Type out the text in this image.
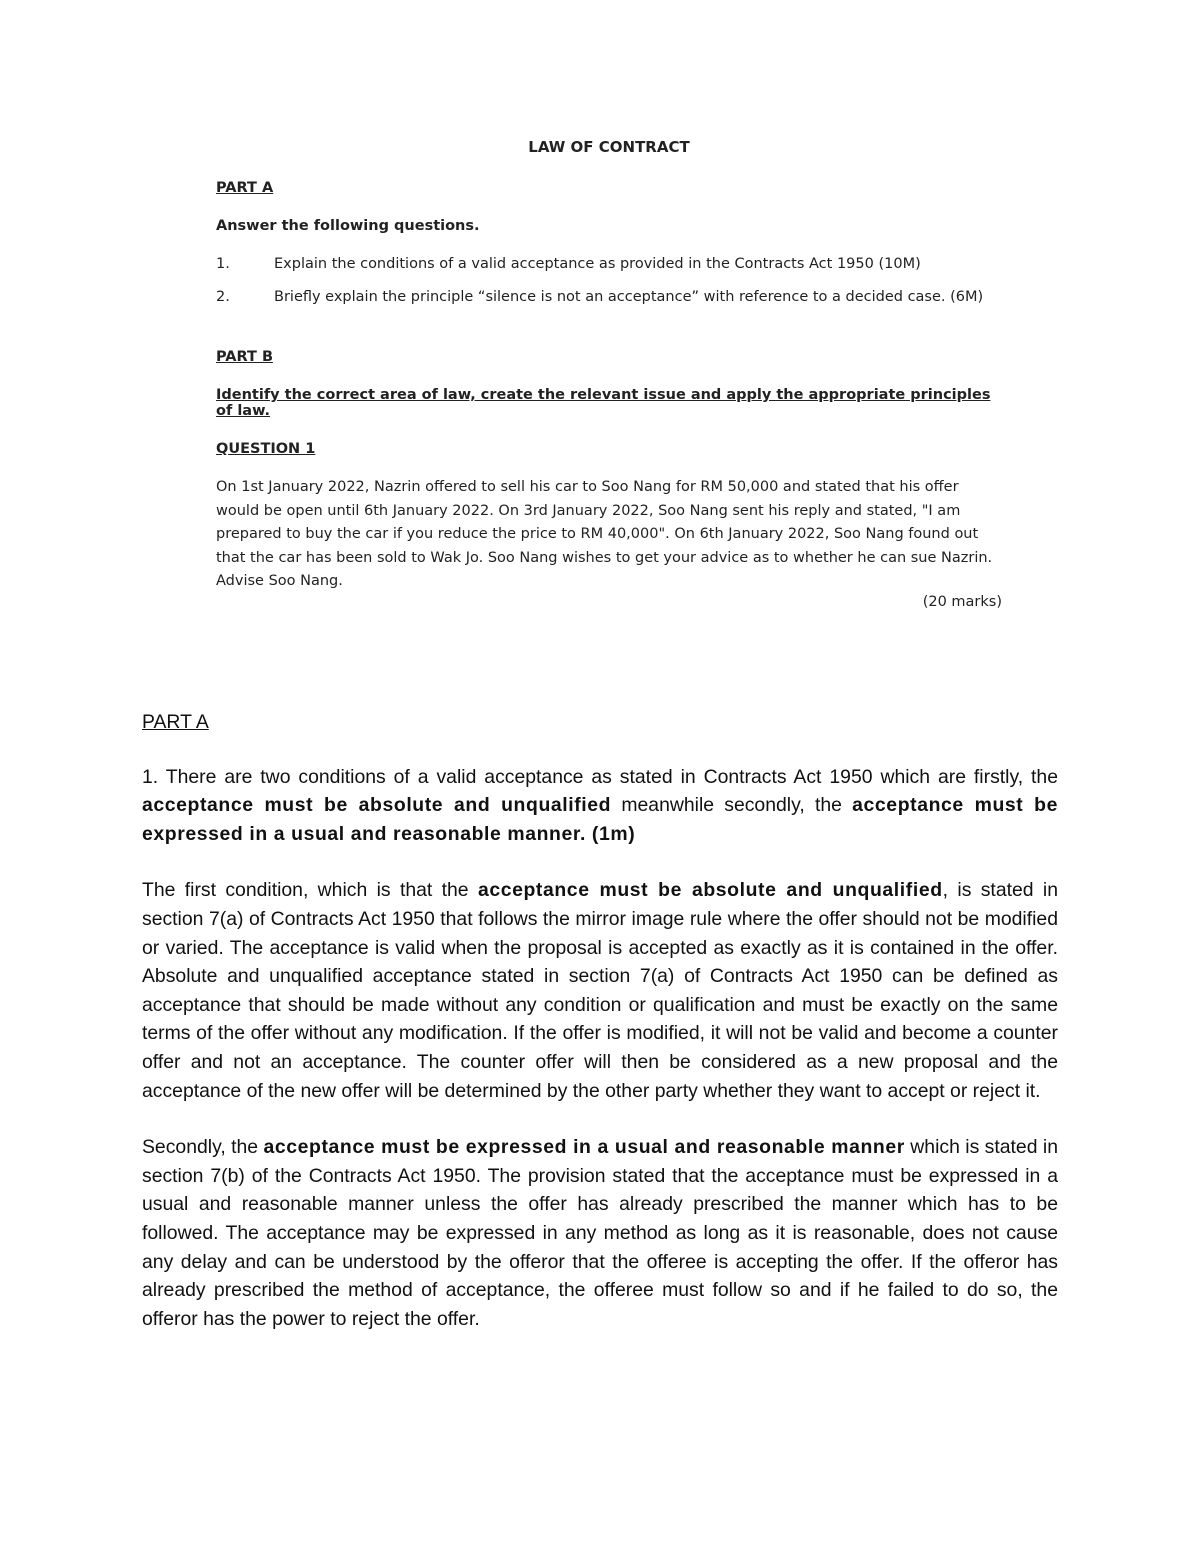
LAW OF CONTRACT
PART A
Answer the following questions.
1.	Explain the conditions of a valid acceptance as provided in the Contracts Act 1950 (10M)
2.	Briefly explain the principle “silence is not an acceptance” with reference to a decided case. (6M)
PART B
Identify the correct area of law, create the relevant issue and apply the appropriate principles of law.
QUESTION 1
On 1st January 2022, Nazrin offered to sell his car to Soo Nang for RM 50,000 and stated that his offer would be open until 6th January 2022. On 3rd January 2022, Soo Nang sent his reply and stated, "I am prepared to buy the car if you reduce the price to RM 40,000". On 6th January 2022, Soo Nang found out that the car has been sold to Wak Jo. Soo Nang wishes to get your advice as to whether he can sue Nazrin. Advise Soo Nang.
(20 marks)
PART A

1. There are two conditions of a valid acceptance as stated in Contracts Act 1950 which are firstly, the acceptance must be absolute and unqualified meanwhile secondly, the acceptance must be expressed in a usual and reasonable manner. (1m)

The first condition, which is that the acceptance must be absolute and unqualified, is stated in section 7(a) of Contracts Act 1950 that follows the mirror image rule where the offer should not be modified or varied. The acceptance is valid when the proposal is accepted as exactly as it is contained in the offer. Absolute and unqualified acceptance stated in section 7(a) of Contracts Act 1950 can be defined as acceptance that should be made without any condition or qualification and must be exactly on the same terms of the offer without any modification. If the offer is modified, it will not be valid and become a counter offer and not an acceptance. The counter offer will then be considered as a new proposal and the acceptance of the new offer will be determined by the other party whether they want to accept or reject it.

Secondly, the acceptance must be expressed in a usual and reasonable manner which is stated in section 7(b) of the Contracts Act 1950. The provision stated that the acceptance must be expressed in a usual and reasonable manner unless the offer has already prescribed the manner which has to be followed. The acceptance may be expressed in any method as long as it is reasonable, does not cause any delay and can be understood by the offeror that the offeree is accepting the offer. If the offeror has already prescribed the method of acceptance, the offeree must follow so and if he failed to do so, the offeror has the power to reject the offer.
